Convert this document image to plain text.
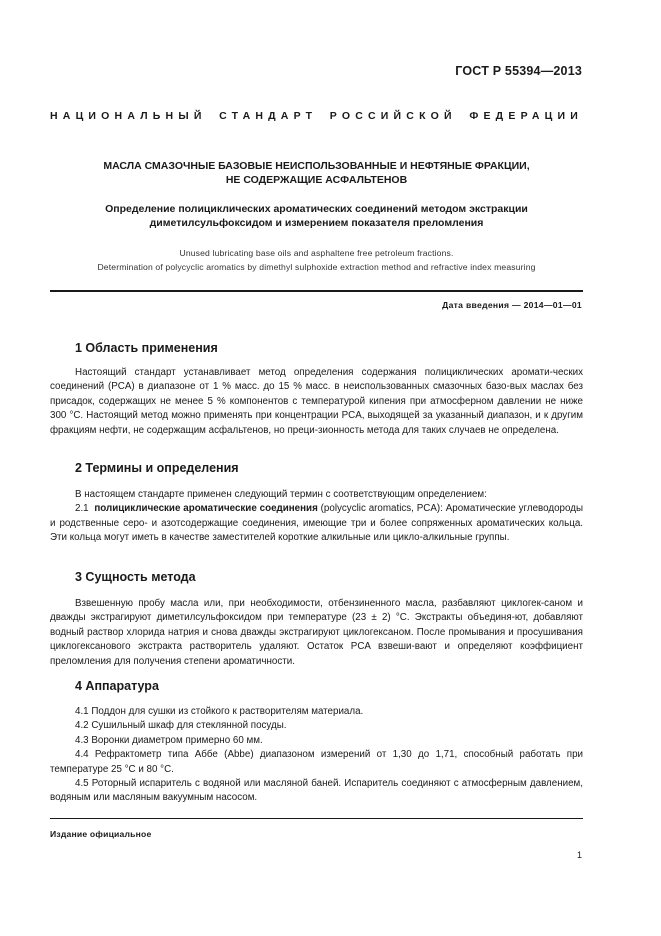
ГОСТ Р 55394—2013
НАЦИОНАЛЬНЫЙ СТАНДАРТ РОССИЙСКОЙ ФЕДЕРАЦИИ
МАСЛА СМАЗОЧНЫЕ БАЗОВЫЕ НЕИСПОЛЬЗОВАННЫЕ И НЕФТЯНЫЕ ФРАКЦИИ,
НЕ СОДЕРЖАЩИЕ АСФАЛЬТЕНОВ
Определение полициклических ароматических соединений методом экстракции
диметилсульфоксидом и измерением показателя преломления
Unused lubricating base oils and asphaltene free petroleum fractions.
Determination of polycyclic aromatics by dimethyl sulphoxide extraction method and refractive index measuring
Дата введения — 2014—01—01
1 Область применения

Настоящий стандарт устанавливает метод определения содержания полициклических аромати-ческих соединений (PCA) в диапазоне от 1 % масс. до 15 % масс. в неиспользованных смазочных базо-вых маслах без присадок, содержащих не менее 5 % компонентов с температурой кипения при атмосферном давлении не ниже 300 °С. Настоящий метод можно применять при концентрации PCA, выходящей за указанный диапазон, и к другим фракциям нефти, не содержащим асфальтенов, но преци-зионность метода для таких случаев не определена.

2 Термины и определения

В настоящем стандарте применен следующий термин с соответствующим определением:

2.1 полициклические ароматические соединения (polycyclic aromatics, PCA): Ароматические углеводороды и родственные серо- и азотсодержащие соединения, имеющие три и более сопряженных ароматических кольца. Эти кольца могут иметь в качестве заместителей короткие алкильные или цикло-алкильные группы.

3 Сущность метода

Взвешенную пробу масла или, при необходимости, отбензиненного масла, разбавляют циклогек-саном и дважды экстрагируют диметилсульфоксидом при температуре (23 ± 2) °С. Экстракты объединя-ют, добавляют водный раствор хлорида натрия и снова дважды экстрагируют циклогексаном. После промывания и просушивания циклогексанового экстракта растворитель удаляют. Остаток PCA взвеши-вают и определяют коэффициент преломления для получения степени ароматичности.

4 Аппаратура

4.1 Поддон для сушки из стойкого к растворителям материала.

4.2 Сушильный шкаф для стеклянной посуды.

4.3 Воронки диаметром примерно 60 мм.

4.4 Рефрактометр типа Аббе (Abbe) диапазоном измерений от 1,30 до 1,71, способный работать при температуре 25 °С и 80 °С.

4.5 Роторный испаритель с водяной или масляной баней. Испаритель соединяют с атмосферным давлением, водяным или масляным вакуумным насосом.

Издание официальное
1
